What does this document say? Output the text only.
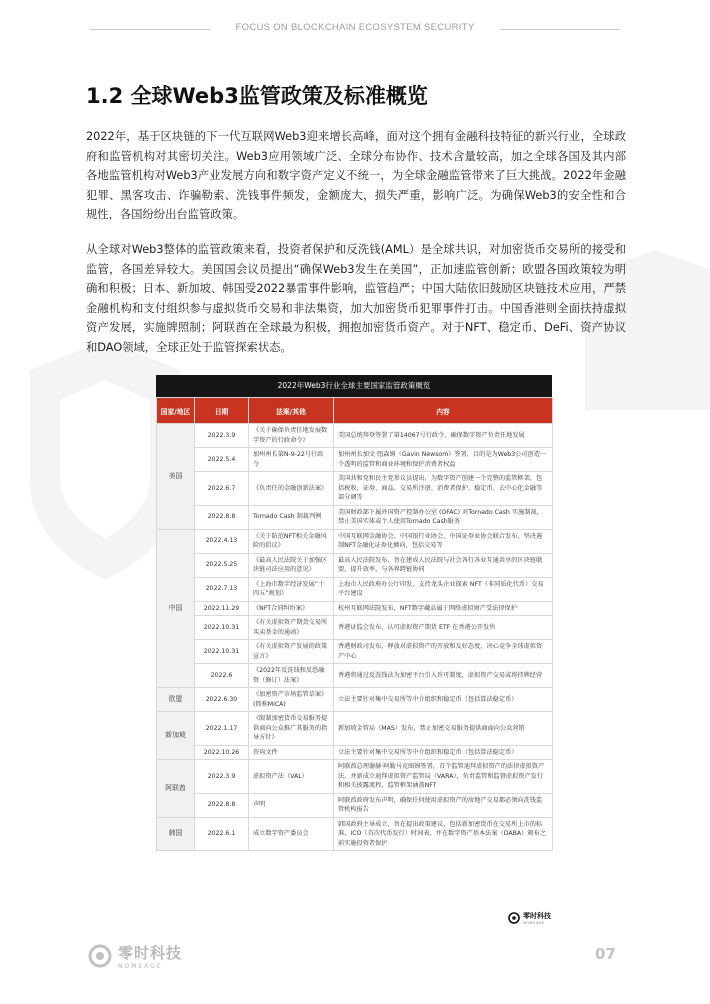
FOCUS ON BLOCKCHAIN ECOSYSTEM SECURITY
1.2 全球Web3监管政策及标准概览

2022年，基于区块链的下一代互联网Web3迎来增长高峰，面对这个拥有金融科技特征的新兴行业，全球政府和监管机构对其密切关注。Web3应用领域广泛、全球分布协作、技术含量较高，加之全球各国及其内部各地监管机构对Web3产业发展方向和数字资产定义不统一，为全球金融监管带来了巨大挑战。2022年金融犯罪、黑客攻击、诈骗勒索、洗钱事件频发，金额庞大，损失严重，影响广泛。为确保Web3的安全性和合规性，各国纷纷出台监管政策。

从全球对Web3整体的监管政策来看，投资者保护和反洗钱(AML）是全球共识，对加密货币交易所的接受和监管，各国差异较大。美国国会议员提出“确保Web3发生在美国”，正加速监管创新；欧盟各国政策较为明确和积极；日本、新加坡、韩国受2022暴雷事件影响，监管趋严；中国大陆依旧鼓励区块链技术应用，严禁金融机构和支付组织参与虚拟货币交易和非法集资，加大加密货币犯罪事件打击。中国香港则全面扶持虚拟资产发展，实施牌照制；阿联酋在全球最为积极，拥抱加密货币资产。对于NFT、稳定币、DeFi、资产协议和DAO领域，全球正处于监管探索状态。

2022年Web3行业全球主要国家监管政策概览
国家/地区	日期	法案/其他	内容
美国	2022.3.9	《关于确保负责任地发展数字资产的行政命令》	美国总统拜登签署了第14067号行政令，确保数字资产负责任地发展
	2022.5.4	加州州长第N-9-22号行政令	加州州长加文·纽森姆（Gavin Newsom）签署，目的是为Web3公司创造一个透明的监管和商业环境和保护消费者权益
	2022.6.7	《负责任的金融创新法案》	美国共和党和民主党参议员提出，为数字资产创建一个完整的监管框架，包括税收、证券、商品、交易所注册、消费者保护、稳定币、去中心化金融等部分调等
	2022.8.8	Tornado Cash 制裁判例	美国财政部下属外国资产控制办公室 (OFAC) 对Tornado Cash 实施制裁，禁止美国实体或个人使用Tornado Cash服务
中国	2022.4.13	《关于防范NFT相关金融风险的倡议》	中国互联网金融协会、中国银行业协会、中国证券业协会联合发布，坚决遏制NFT金融化证券化倾向，包括交易等
	2022.5.25	《最高人民法院关于加强区块链司法应用的意见》	最高人民法院发布，旨在建成人民法院与社会各行各业互通共享的区块链联盟，提升效率，与各界跨链协同
	2022.7.13	《上海市数字经济发展“十四五”规划》	上海市人民政府办公厅印发，支持龙头企业探索 NFT（非同质化代币）交易平台建设
	2022.11.29	《NFT合同纠纷案》	杭州互联网法院发布，NFT数字藏品属于网络虚拟财产受法律保护
	2022.10.31	《有关虚拟资产期货交易所买卖基金的通函》	香港证监会发布，认可虚拟资产期货 ETF 在香港公开发售
	2022.10.31	《有关虚拟资产发展的政策宣言》	香港财政司发布，释放对虚拟资产的开放和友好态度，决心竞争全球虚拟资产中心
	2022.6	《2022年反洗钱和反恐融资（修订）法案》	香港将通过反洗钱法为加密平台引入许可制度，虚拟资产交易或将持牌经营
欧盟	2022.6.30	《加密资产市场监管草案》(简称MiCA)	立法主要针对集中交易所等中介组织和稳定币（包括算法稳定币）
新加坡	2022.1.17	《限制加密货币交易服务提供商向公众推广其服务的指导方针》	新加坡金管局（MAS）发布，禁止加密交易服务提供商面向公众营销
	2022.10.26	咨询文件	立法主要针对集中交易所等中介组织和稳定币（包括算法稳定币）
阿联酋	2022.3.9	虚拟资产法（VAL）	阿联酋总理谢赫·阿勒马克图姆签署，首个监管迪拜虚拟资产的法律虚拟资产法，并新成立迪拜虚拟资产监管局（VARA），负责监管和监督虚拟资产发行和相关披露流程，监管框架涵盖NFT
	2022.8.8	声明	阿联酋政府发布声明，确保任何使用虚拟资产的房地产交易都必须向洗钱监管机构报告
韩国	2022.6.1	成立数字资产委员会	韩国政府主导成立，旨在提出政策建议，包括新加密货币在交易所上市的标准、ICO（首次代币发行）时间表，并在数字资产基本法案（DABA）颁布之前实施投资者保护
零时科技
NOMEAGE
零时科技
NOMEAGE
07
